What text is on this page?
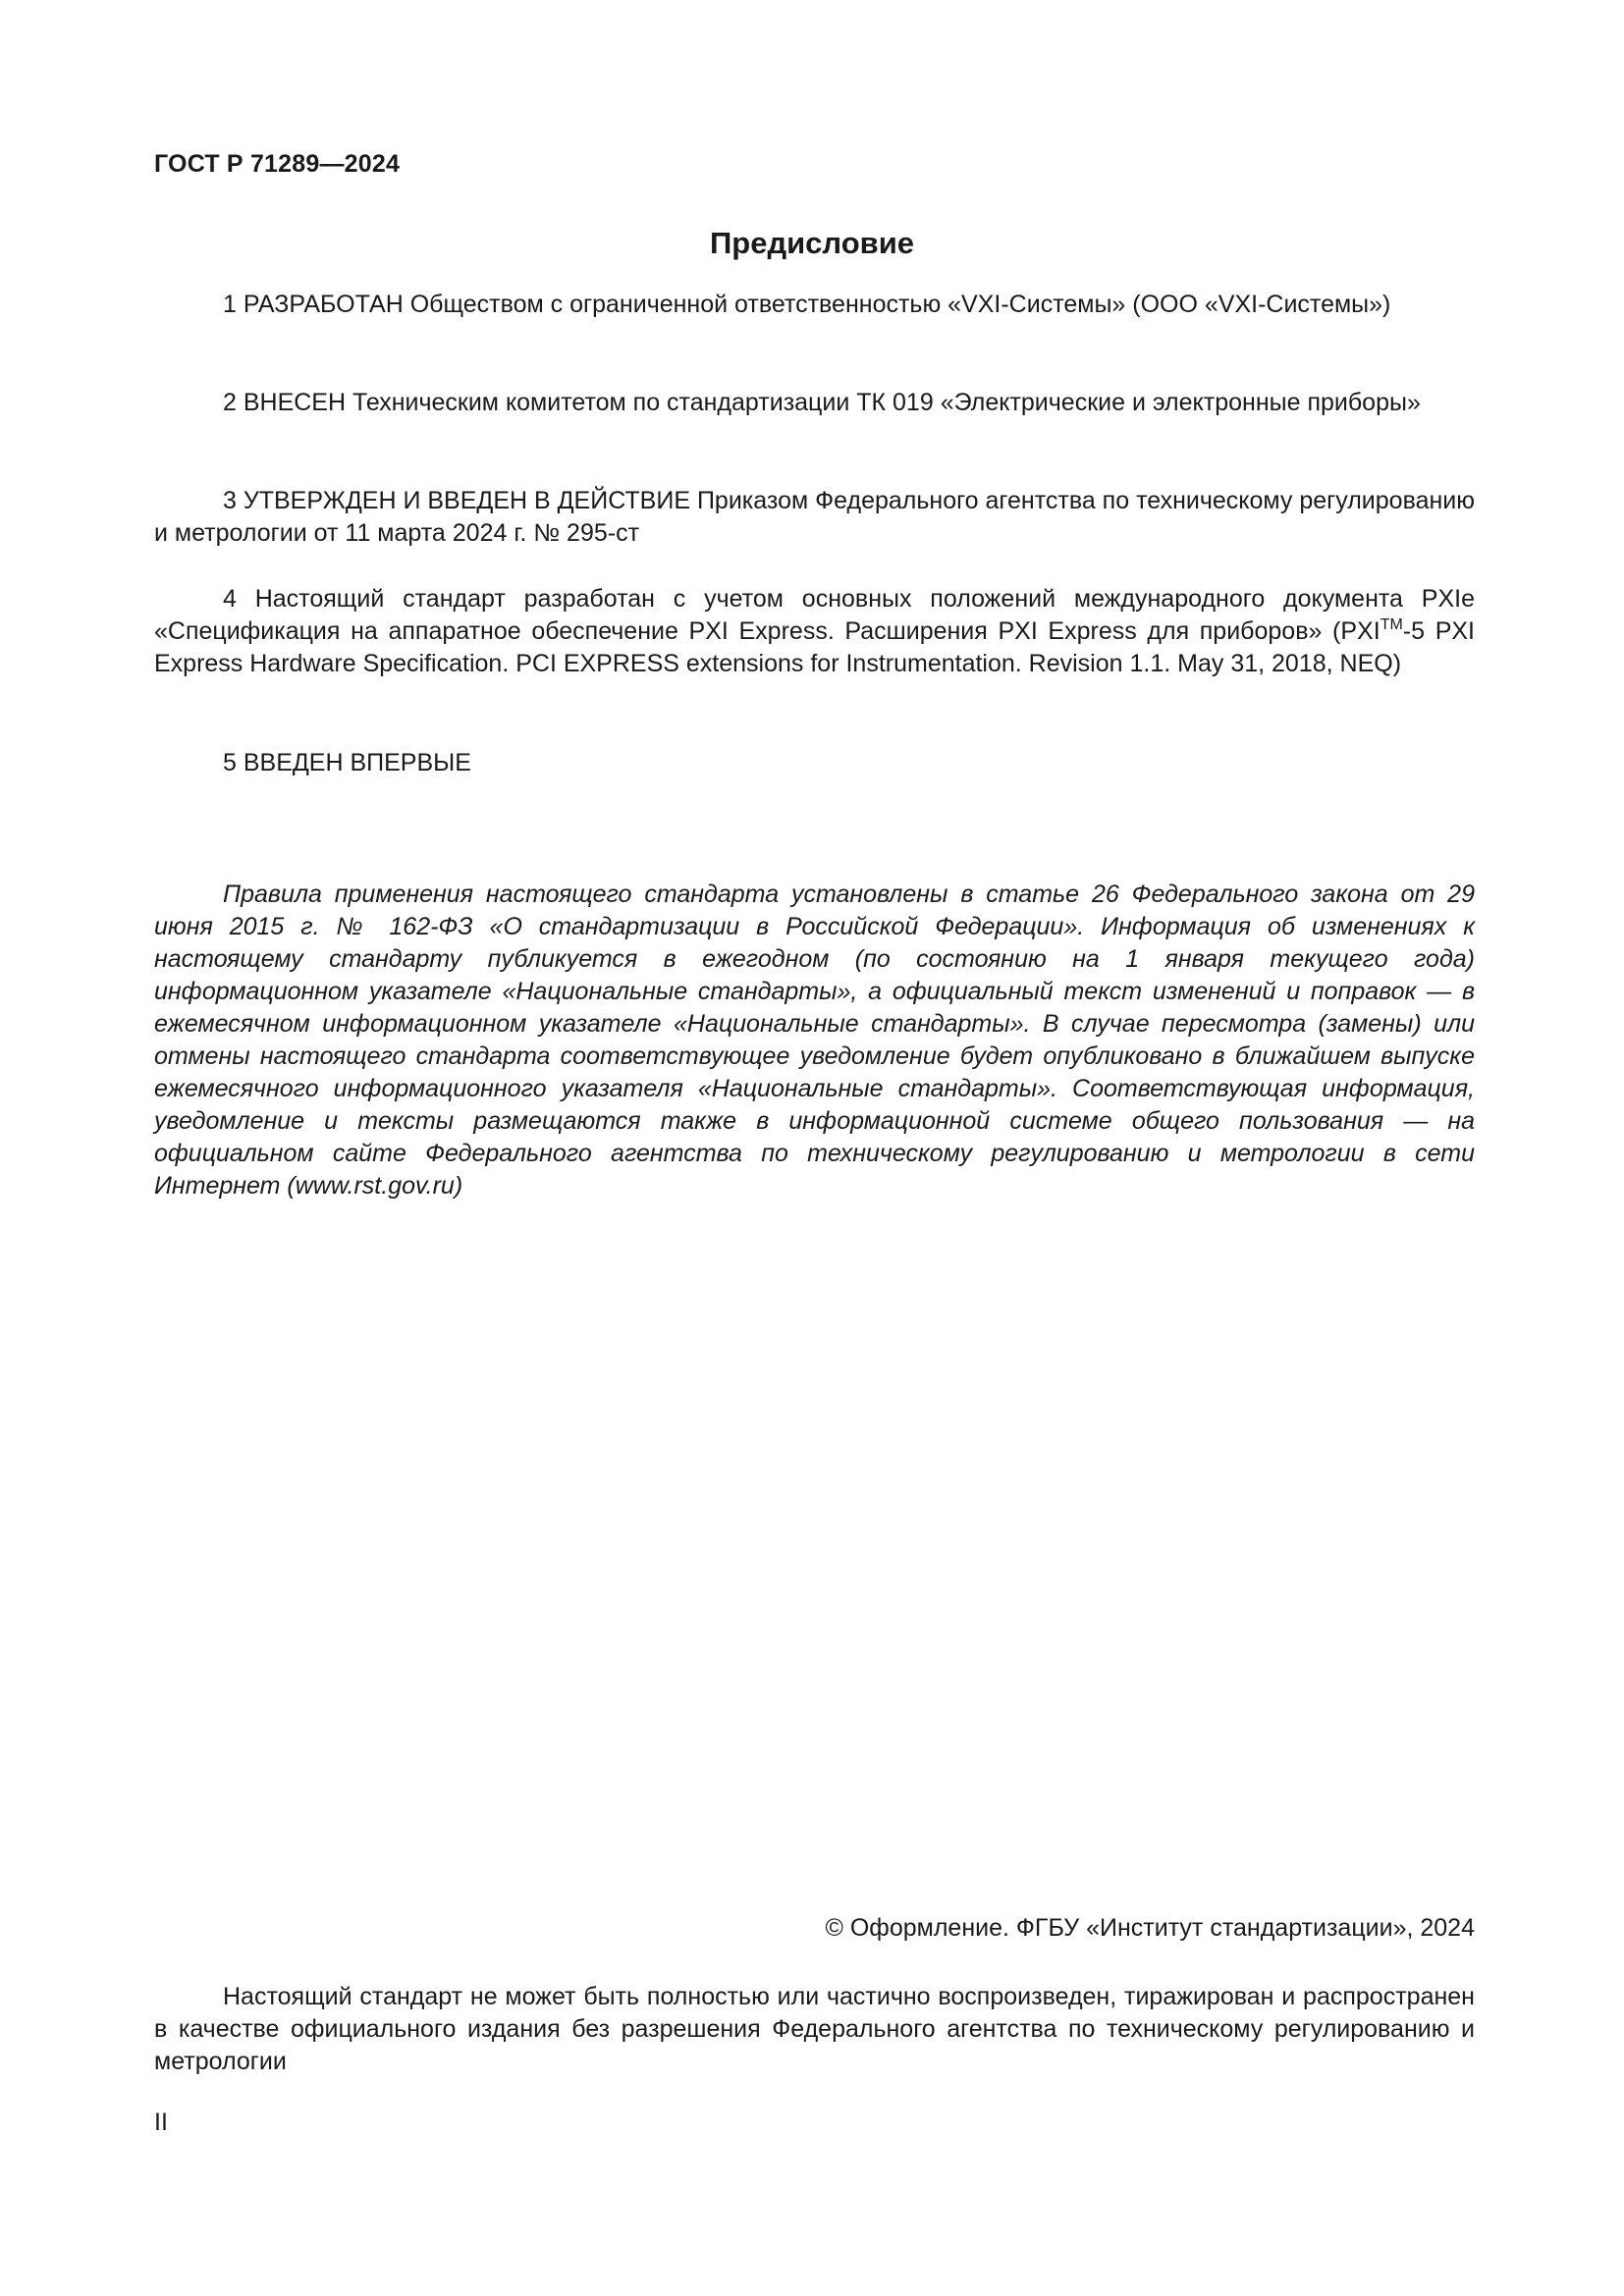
ГОСТ Р 71289—2024
Предисловие
1 РАЗРАБОТАН Обществом с ограниченной ответственностью «VXI-Системы» (ООО «VXI-Системы»)
2 ВНЕСЕН Техническим комитетом по стандартизации ТК 019 «Электрические и электронные приборы»
3 УТВЕРЖДЕН И ВВЕДЕН В ДЕЙСТВИЕ Приказом Федерального агентства по техническому регулированию и метрологии от 11 марта 2024 г. № 295-ст
4 Настоящий стандарт разработан с учетом основных положений международного документа PXIe «Спецификация на аппаратное обеспечение PXI Express. Расширения PXI Express для приборов» (PXI™-5 PXI Express Hardware Specification. PCI EXPRESS extensions for Instrumentation. Revision 1.1. May 31, 2018, NEQ)
5 ВВЕДЕН ВПЕРВЫЕ
Правила применения настоящего стандарта установлены в статье 26 Федерального закона от 29 июня 2015 г. № 162-ФЗ «О стандартизации в Российской Федерации». Информация об изменениях к настоящему стандарту публикуется в ежегодном (по состоянию на 1 января текущего года) информационном указателе «Национальные стандарты», а официальный текст изменений и поправок — в ежемесячном информационном указателе «Национальные стандарты». В случае пересмотра (замены) или отмены настоящего стандарта соответствующее уведомление будет опубликовано в ближайшем выпуске ежемесячного информационного указателя «Национальные стандарты». Соответствующая информация, уведомление и тексты размещаются также в информационной системе общего пользования — на официальном сайте Федерального агентства по техническому регулированию и метрологии в сети Интернет (www.rst.gov.ru)
© Оформление. ФГБУ «Институт стандартизации», 2024
Настоящий стандарт не может быть полностью или частично воспроизведен, тиражирован и распространен в качестве официального издания без разрешения Федерального агентства по техническому регулированию и метрологии
II
